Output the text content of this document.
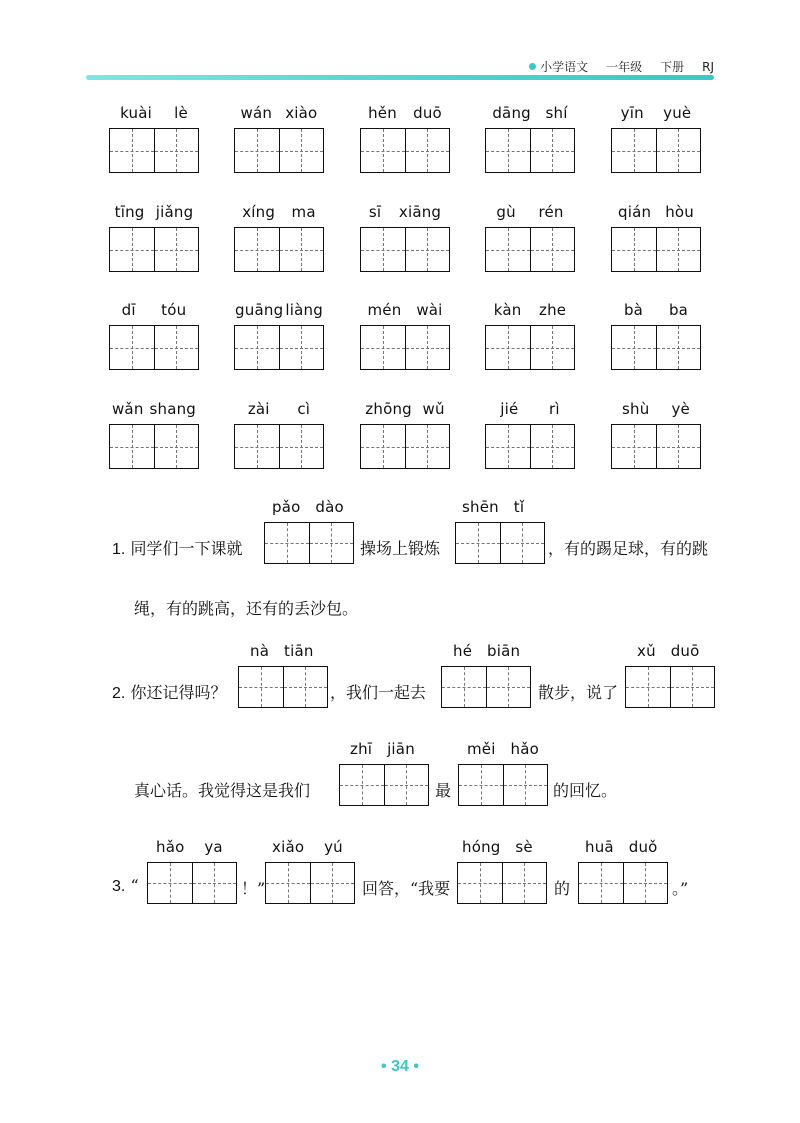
小学语文 一年级 下册 RJ
kuài lè	wán xiào	hěn duō	dāng shí	yīn yuè
tīng jiǎng	xíng ma	sī xiāng	gù rén	qián hòu
dī tóu	guāng liàng	mén wài	kàn zhe	bà ba
wǎn shang	zài cì	zhōng wǔ	jié rì	shù yè
pǎo dào	shēn tǐ
1. 同学们一下课就	操场上锻炼	，有的踢足球，有的跳
绳，有的跳高，还有的丢沙包。
nà tiān	hé biān	xǔ duō
2. 你还记得吗？	，我们一起去	散步，说了
zhī jiān	měi hǎo
真心话。我觉得这是我们	最	的回忆。
hǎo ya	xiǎo yú	hóng sè	huā duǒ
3. “	！”	回答，“我要	的	。”
• 34 •
